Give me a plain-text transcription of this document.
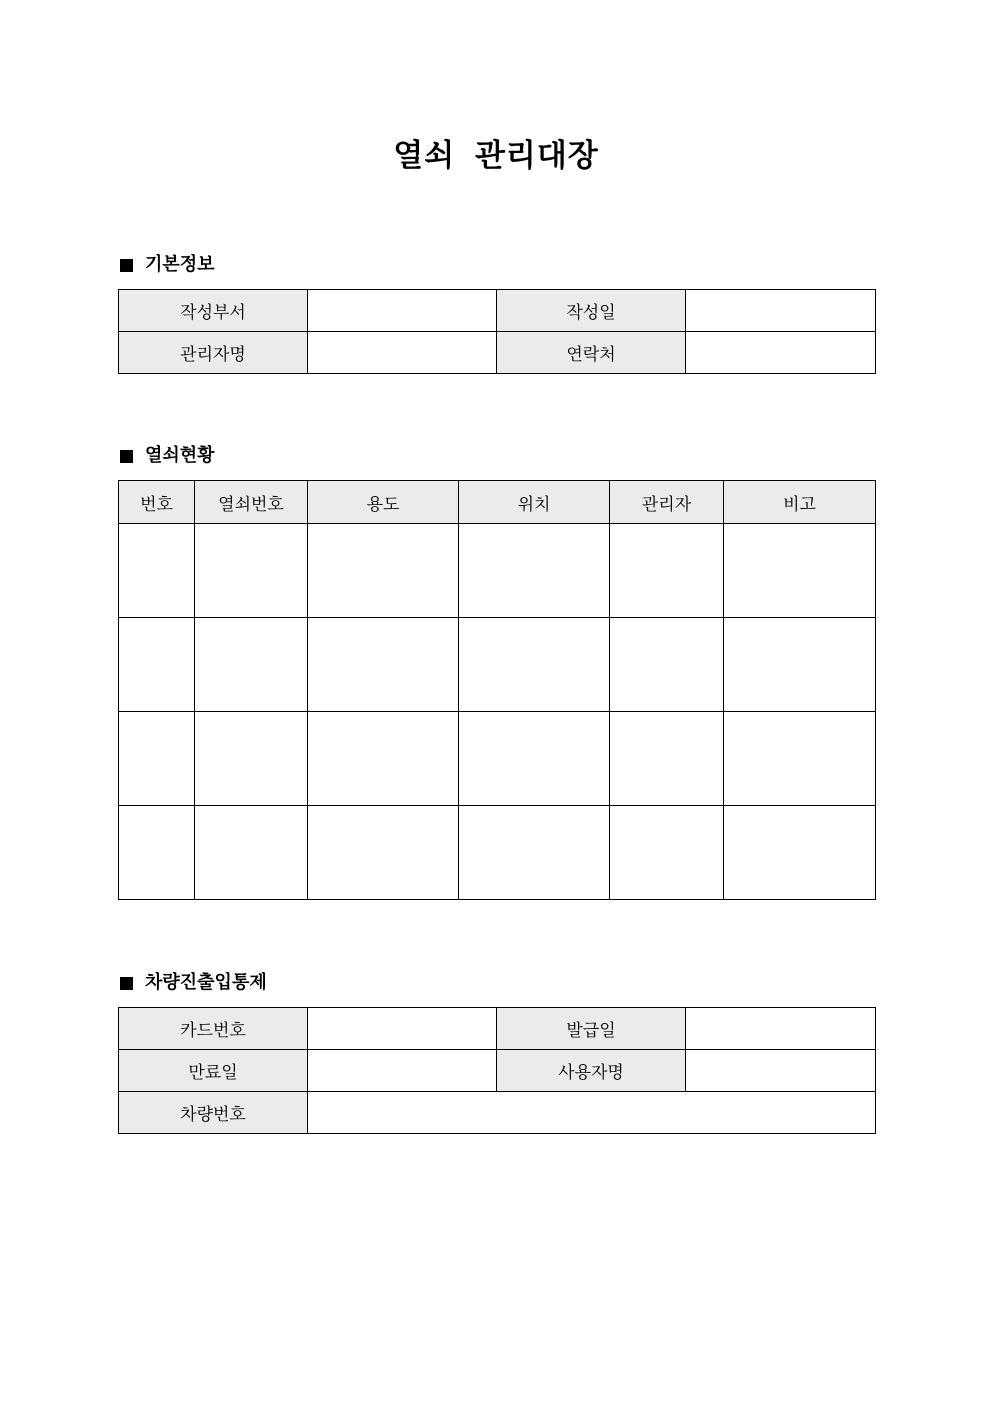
열쇠 관리대장
기본정보
작성부서		작성일	
관리자명		연락처	
열쇠현황
번호	열쇠번호	용도	위치	관리자	비고

차량진출입통제
카드번호		발급일	
만료일		사용자명	
차량번호			
